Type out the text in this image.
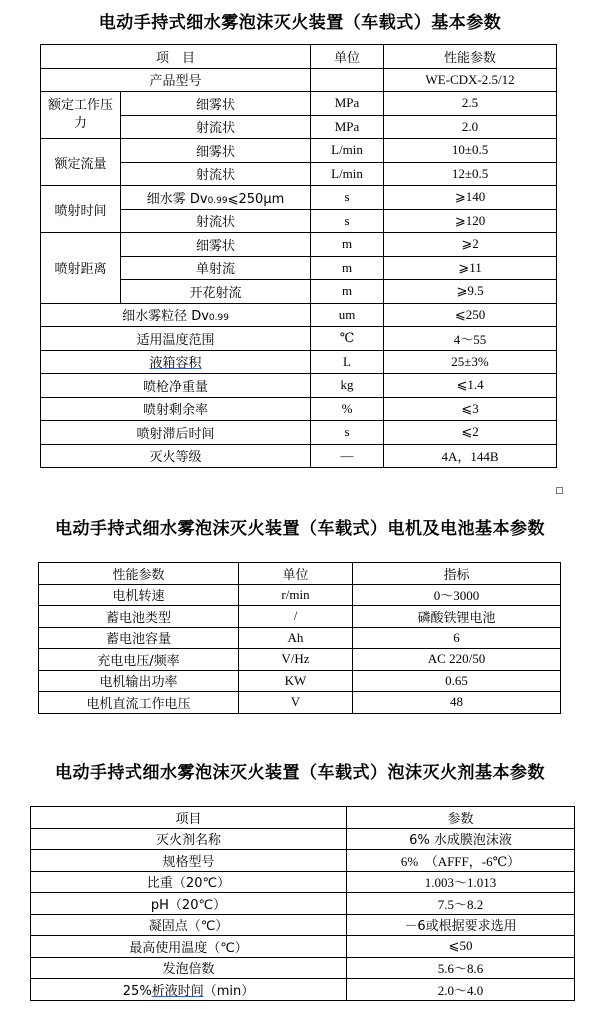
电动手持式细水雾泡沫灭火装置（车载式）基本参数
项　目		单位	性能参数
产品型号			WE-CDX-2.5/12
额定工作压力	细雾状	MPa	2.5
	射流状	MPa	2.0
额定流量	细雾状	L/min	10±0.5
	射流状	L/min	12±0.5
喷射时间	细水雾 Dv0.99⩽250μm	s	⩾140
	射流状	s	⩾120
喷射距离	细雾状	m	⩾2
	单射流	m	⩾11
	开花射流	m	⩾9.5
细水雾粒径 Dv0.99		um	⩽250
适用温度范围		℃	4～55
液箱容积		L	25±3%
喷枪净重量		kg	⩽1.4
喷射剩余率		%	⩽3
喷射滞后时间		s	⩽2
灭火等级		—	4A，144B
电动手持式细水雾泡沫灭火装置（车载式）电机及电池基本参数
性能参数	单位	指标
电机转速	r/min	0～3000
蓄电池类型	/	磷酸铁锂电池
蓄电池容量	Ah	6
充电电压/频率	V/Hz	AC 220/50
电机输出功率	KW	0.65
电机直流工作电压	V	48
电动手持式细水雾泡沫灭火装置（车载式）泡沫灭火剂基本参数
项目	参数
灭火剂名称	6% 水成膜泡沫液
规格型号	6%　（AFFF，-6℃）
比重（20℃）	1.003～1.013
pH（20℃）	7.5～8.2
凝固点（℃）	－6或根据要求选用
最高使用温度（℃）	⩽50
发泡倍数	5.6～8.6
25%析液时间（min）	2.0～4.0
